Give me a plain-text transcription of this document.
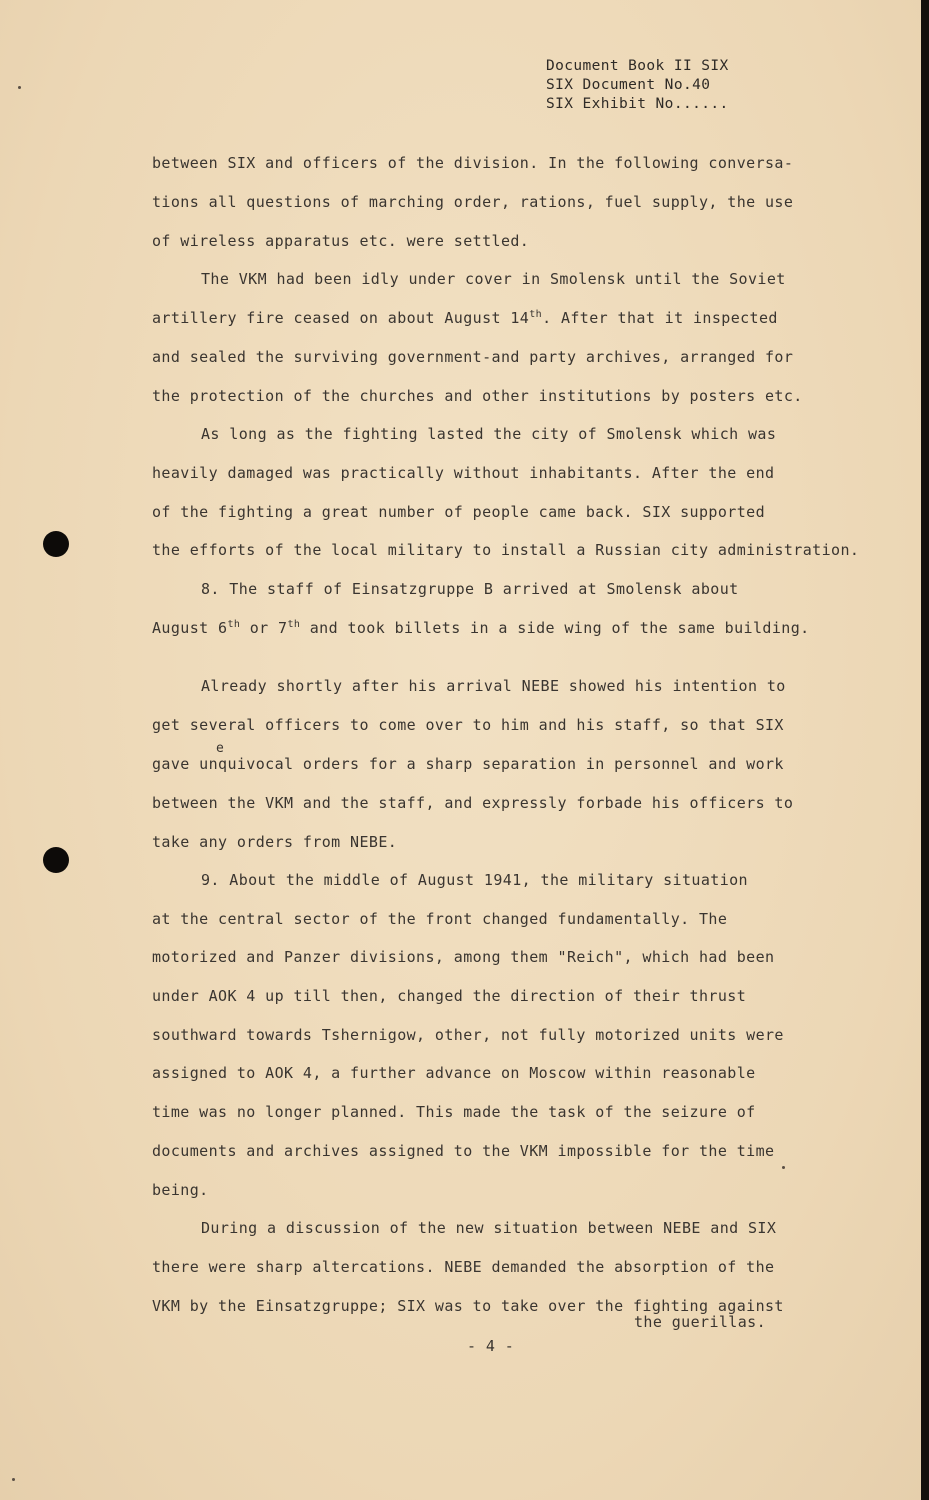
Document Book II SIX
SIX Document No.40
SIX Exhibit No......
between SIX and officers of the division. In the following conversa-
tions all questions of marching order, rations, fuel supply, the use
of wireless apparatus etc. were settled.
The VKM had been idly under cover in Smolensk until the Soviet
artillery fire ceased on about August 14th. After that it inspected
and sealed the surviving government-and party archives, arranged for
the protection of the churches and other institutions by posters etc.
As long as the fighting lasted the city of Smolensk which was
heavily damaged was practically without inhabitants. After the end
of the fighting a great number of people came back. SIX supported
the efforts of the local military to install a Russian city administration.
8. The staff of Einsatzgruppe B arrived at Smolensk about
August 6th or 7th and took billets in a side wing of the same building.
Already shortly after his arrival NEBE showed his intention to
get several officers to come over to him and his staff, so that SIX
e
gave unquivocal orders for a sharp separation in personnel and work
between the VKM and the staff, and expressly forbade his officers to
take any orders from NEBE.
9. About the middle of August 1941, the military situation
at the central sector of the front changed fundamentally. The
motorized and Panzer divisions, among them "Reich", which had been
under AOK 4 up till then, changed the direction of their thrust
southward towards Tshernigow, other, not fully motorized units were
assigned to AOK 4, a further advance on Moscow within reasonable
time was no longer planned. This made the task of the seizure of
documents and archives assigned to the VKM impossible for the time
being.
During a discussion of the new situation between NEBE and SIX
there were sharp altercations. NEBE demanded the absorption of the
VKM by the Einsatzgruppe; SIX was to take over the fighting against
the guerillas.
- 4 -
